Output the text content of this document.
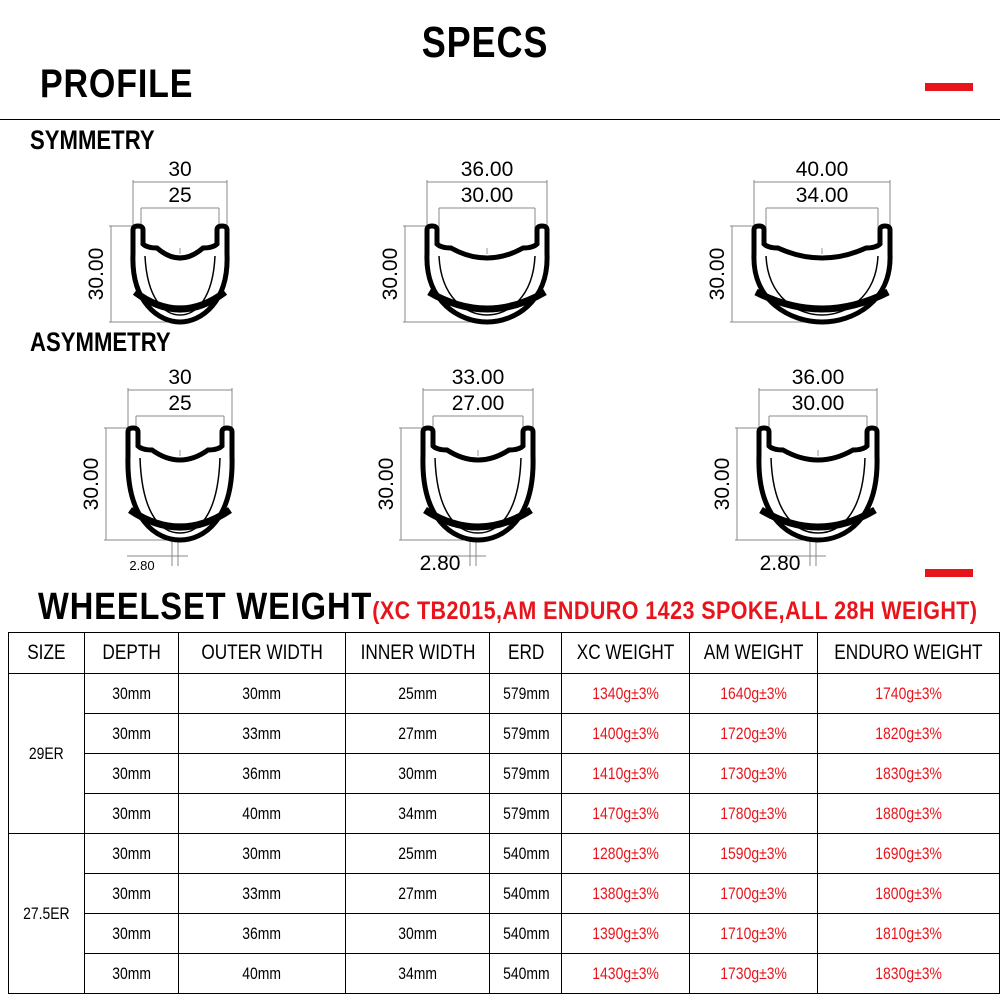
SPECS
PROFILE
SYMMETRY
ASYMMETRY
30
25
30.00
36.00
30.00
30.00
40.00
34.00
30.00
30
25
30.00
2.80
33.00
27.00
30.00
2.80
36.00
30.00
30.00
2.80
WHEELSET WEIGHT(XC TB2015,AM ENDURO 1423 SPOKE,ALL 28H WEIGHT)
SIZE	DEPTH	OUTER WIDTH	INNER WIDTH	ERD	XC WEIGHT	AM WEIGHT	ENDURO WEIGHT
29ER	30mm	30mm	25mm	579mm	1340g±3%	1640g±3%	1740g±3%
	30mm	33mm	27mm	579mm	1400g±3%	1720g±3%	1820g±3%
	30mm	36mm	30mm	579mm	1410g±3%	1730g±3%	1830g±3%
	30mm	40mm	34mm	579mm	1470g±3%	1780g±3%	1880g±3%
27.5ER	30mm	30mm	25mm	540mm	1280g±3%	1590g±3%	1690g±3%
	30mm	33mm	27mm	540mm	1380g±3%	1700g±3%	1800g±3%
	30mm	36mm	30mm	540mm	1390g±3%	1710g±3%	1810g±3%
	30mm	40mm	34mm	540mm	1430g±3%	1730g±3%	1830g±3%
